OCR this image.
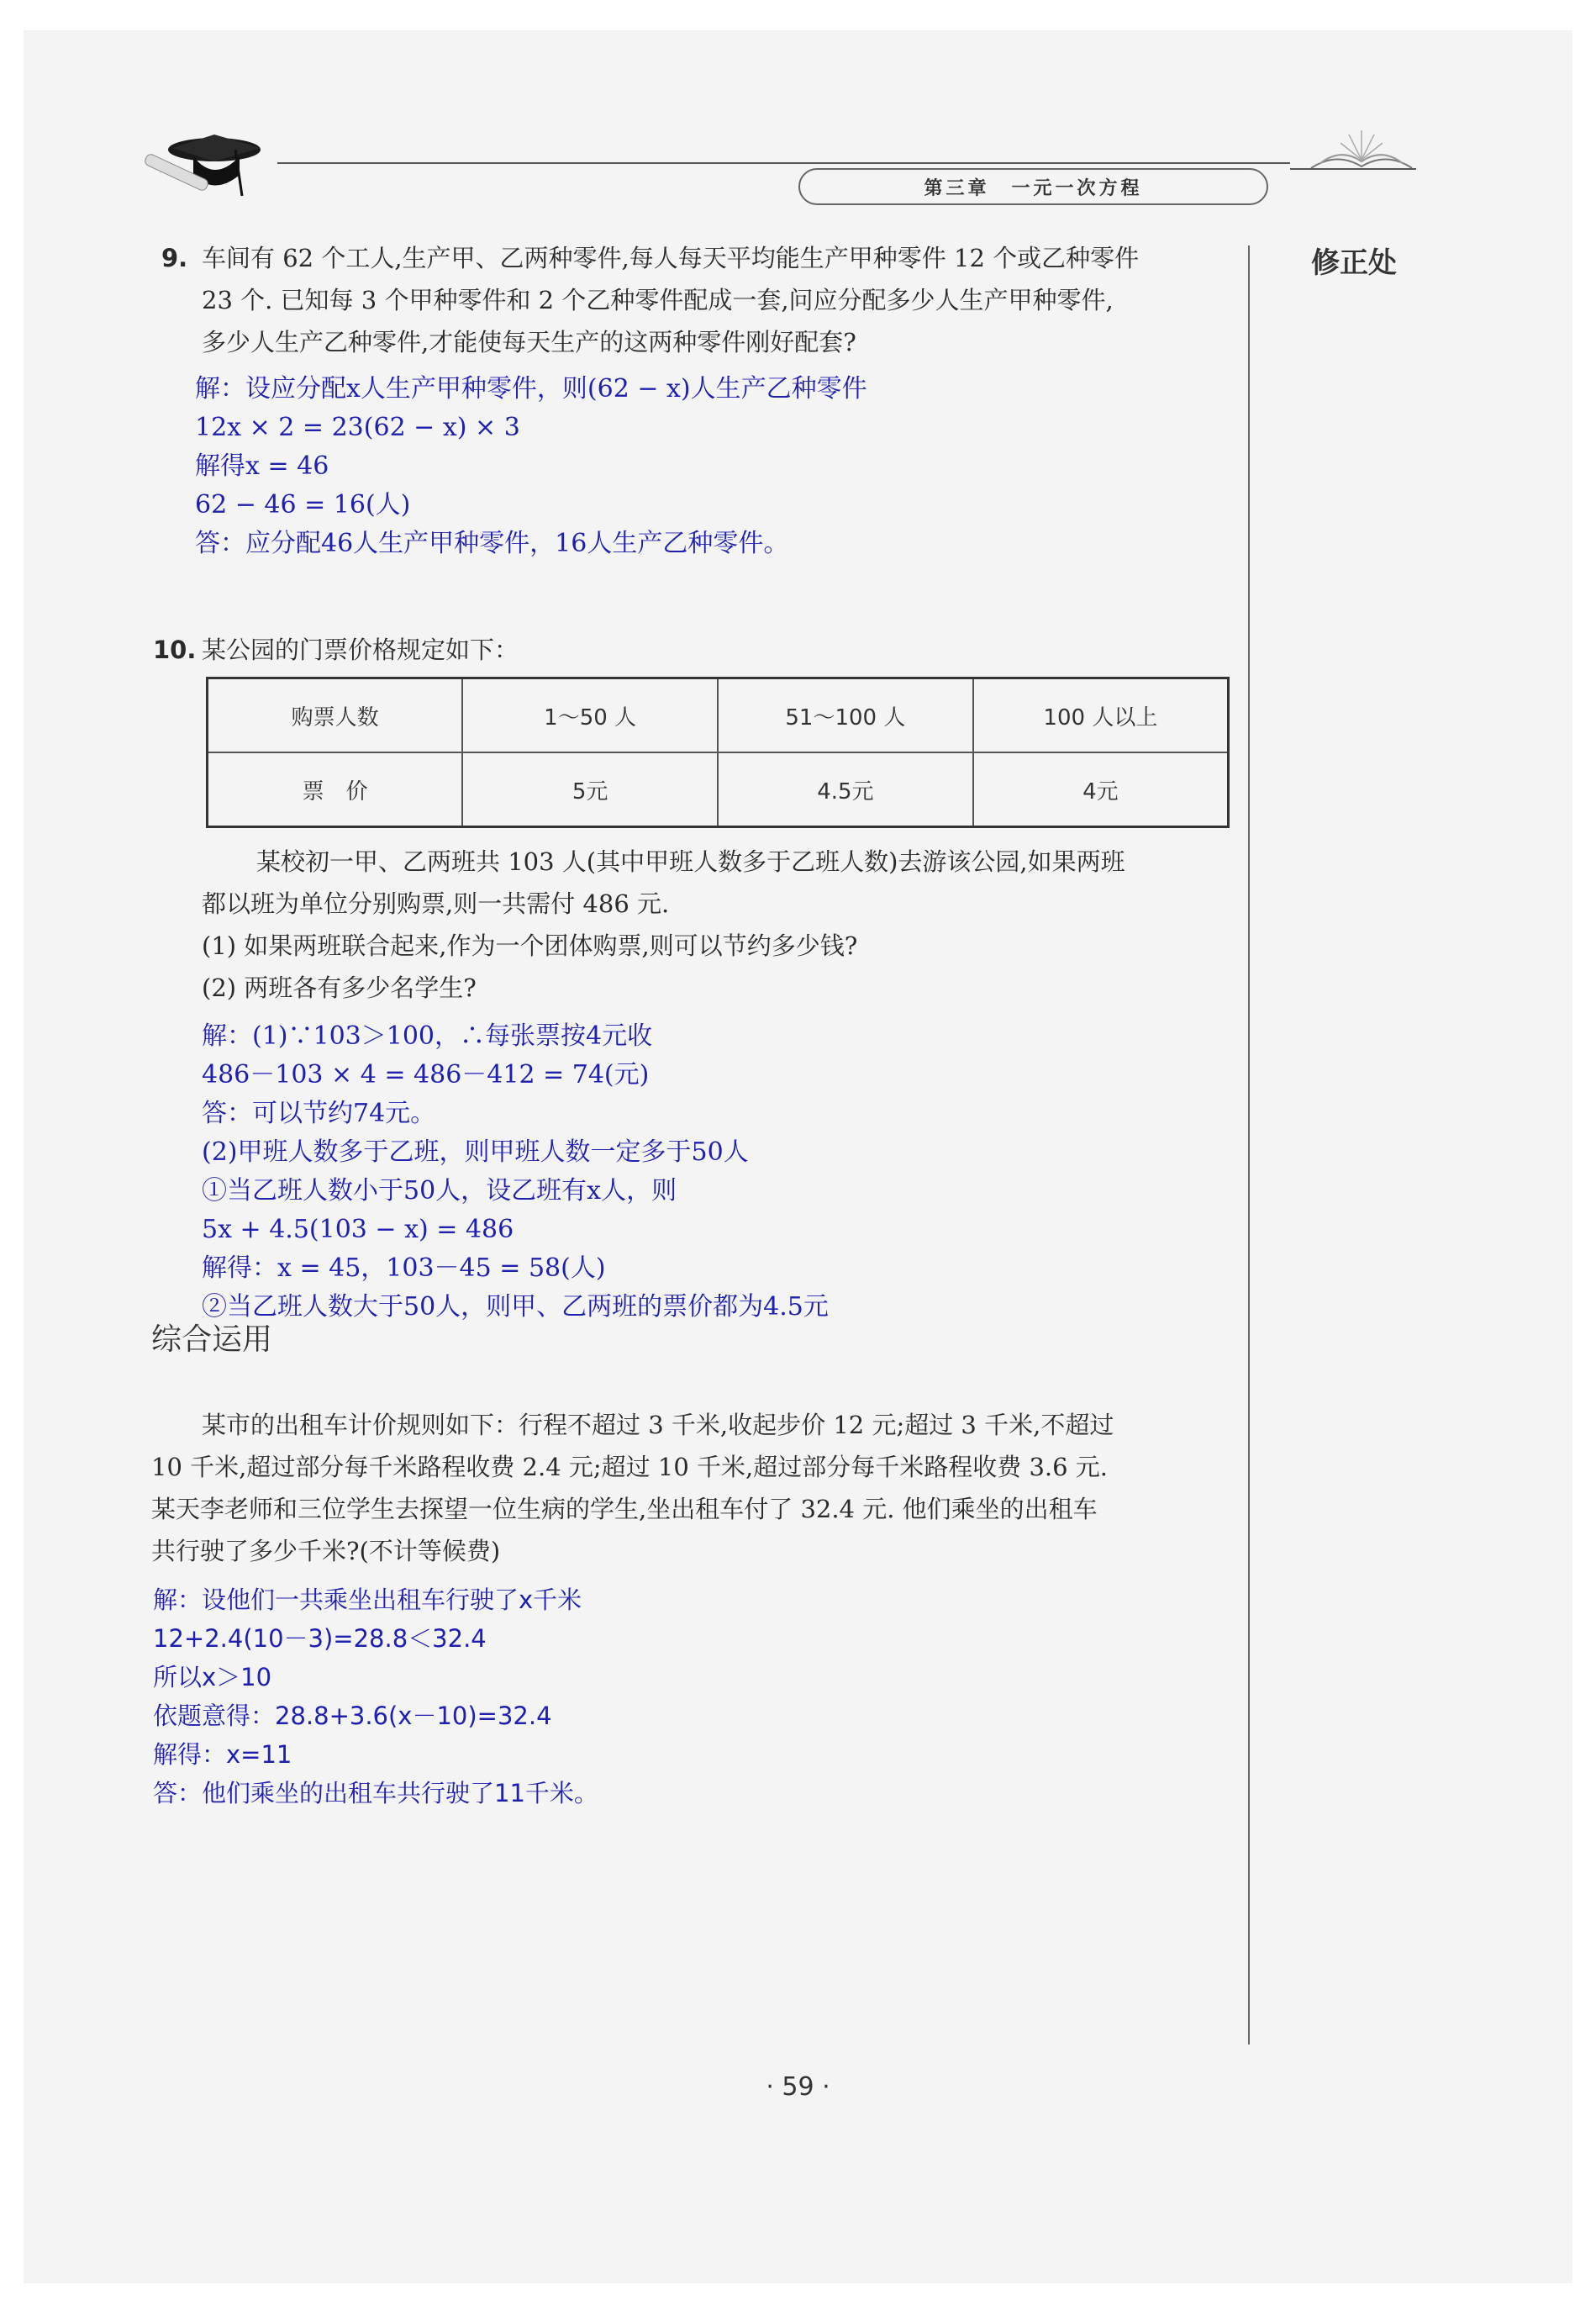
第三章　一元一次方程
修正处
9. 车间有 62 个工人,生产甲、乙两种零件,每人每天平均能生产甲种零件 12 个或乙种零件
23 个. 已知每 3 个甲种零件和 2 个乙种零件配成一套,问应分配多少人生产甲种零件,
多少人生产乙种零件,才能使每天生产的这两种零件刚好配套?
解：设应分配x人生产甲种零件，则(62 − x)人生产乙种零件
12x × 2 = 23(62 − x) × 3
解得x = 46
62 − 46 = 16(人)
答：应分配46人生产甲种零件，16人生产乙种零件。
10. 某公园的门票价格规定如下：
购票人数	1～50 人	51～100 人	100 人以上
票　价	5元	4.5元	4元
某校初一甲、乙两班共 103 人(其中甲班人数多于乙班人数)去游该公园,如果两班
都以班为单位分别购票,则一共需付 486 元.
(1) 如果两班联合起来,作为一个团体购票,则可以节约多少钱?
(2) 两班各有多少名学生?
解：(1)∵103＞100，∴每张票按4元收
486－103 × 4 = 486－412 = 74(元)
答：可以节约74元。
(2)甲班人数多于乙班，则甲班人数一定多于50人
①当乙班人数小于50人，设乙班有x人，则
5x + 4.5(103 − x) = 486
解得：x = 45，103－45 = 58(人)
②当乙班人数大于50人，则甲、乙两班的票价都为4.5元
综合运用
某市的出租车计价规则如下：行程不超过 3 千米,收起步价 12 元;超过 3 千米,不超过
10 千米,超过部分每千米路程收费 2.4 元;超过 10 千米,超过部分每千米路程收费 3.6 元.
某天李老师和三位学生去探望一位生病的学生,坐出租车付了 32.4 元. 他们乘坐的出租车
共行驶了多少千米?(不计等候费)
解：设他们一共乘坐出租车行驶了x千米
12+2.4(10－3)=28.8＜32.4
所以x＞10
依题意得：28.8+3.6(x－10)=32.4
解得：x=11
答：他们乘坐的出租车共行驶了11千米。
· 59 ·
